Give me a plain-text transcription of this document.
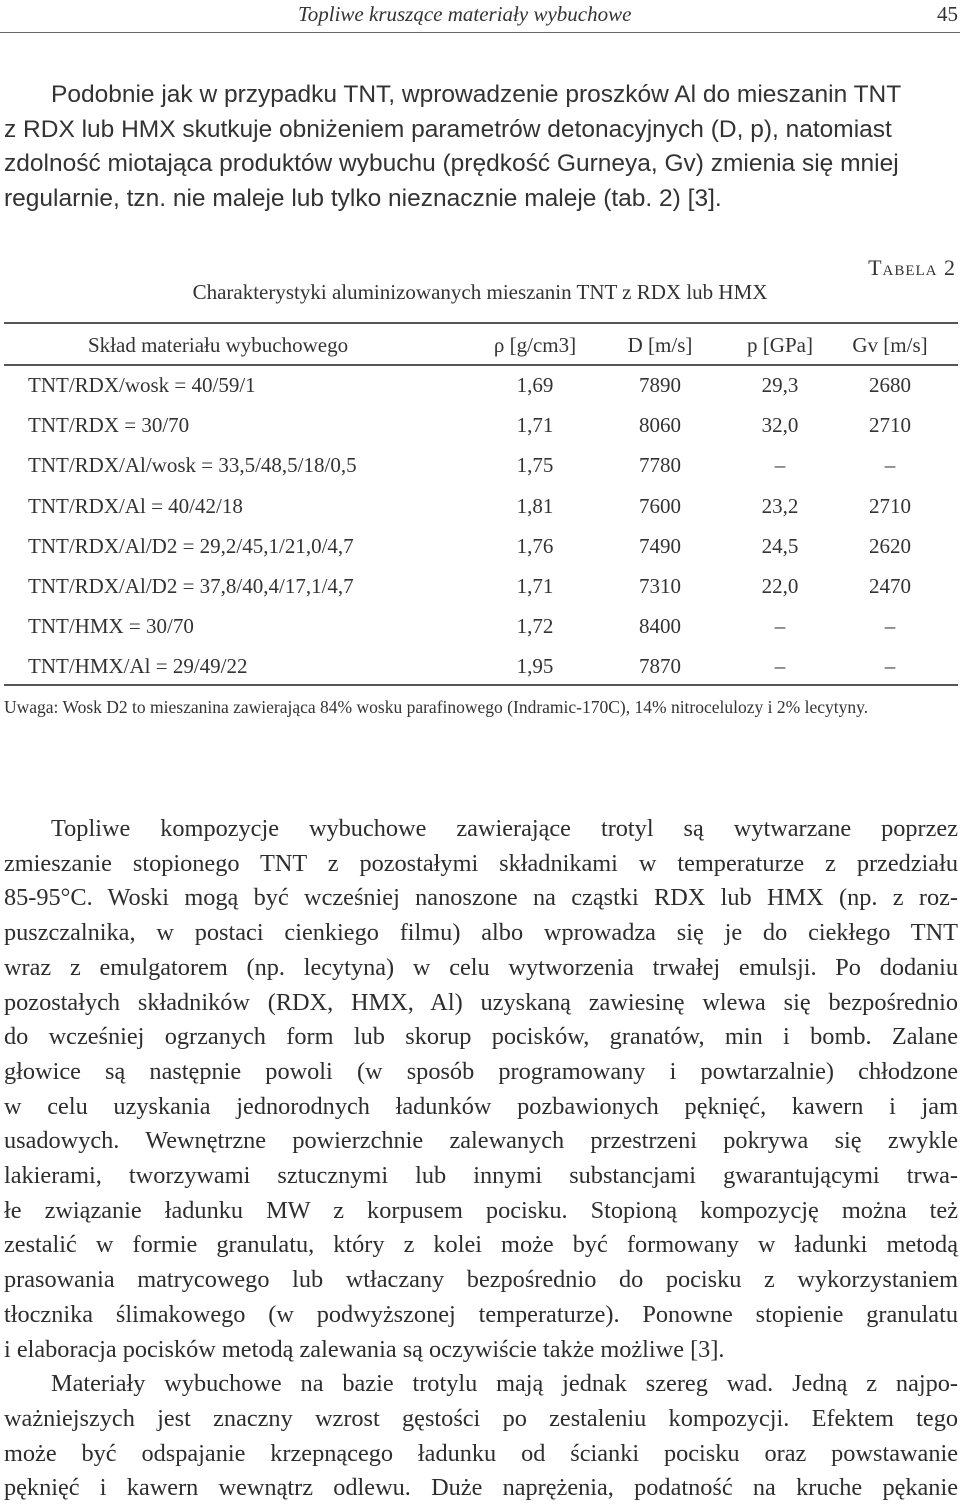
Topliwe kruszące materiały wybuchowe	45
Podobnie jak w przypadku TNT, wprowadzenie proszków Al do mieszanin TNT
z RDX lub HMX skutkuje obniżeniem parametrów detonacyjnych (D, p), natomiast
zdolność miotająca produktów wybuchu (prędkość Gurneya, Gv) zmienia się mniej
regularnie, tzn. nie maleje lub tylko nieznacznie maleje (tab. 2) [3].
Tabela 2
Charakterystyki aluminizowanych mieszanin TNT z RDX lub HMX
Skład materiału wybuchowego	ρ [g/cm3]	D [m/s]	p [GPa]	Gv [m/s]
TNT/RDX/wosk = 40/59/1	1,69	7890	29,3	2680
TNT/RDX = 30/70	1,71	8060	32,0	2710
TNT/RDX/Al/wosk = 33,5/48,5/18/0,5	1,75	7780	–	–
TNT/RDX/Al = 40/42/18	1,81	7600	23,2	2710
TNT/RDX/Al/D2 = 29,2/45,1/21,0/4,7	1,76	7490	24,5	2620
TNT/RDX/Al/D2 = 37,8/40,4/17,1/4,7	1,71	7310	22,0	2470
TNT/HMX = 30/70	1,72	8400	–	–
TNT/HMX/Al = 29/49/22	1,95	7870	–	–
Uwaga: Wosk D2 to mieszanina zawierająca 84% wosku parafinowego (Indramic-170C), 14% nitrocelulozy i 2% lecytyny.
Topliwe kompozycje wybuchowe zawierające trotyl są wytwarzane poprzez
zmieszanie stopionego TNT z pozostałymi składnikami w temperaturze z przedziału
85-95°C. Woski mogą być wcześniej nanoszone na cząstki RDX lub HMX (np. z roz-
puszczalnika, w postaci cienkiego filmu) albo wprowadza się je do ciekłego TNT
wraz z emulgatorem (np. lecytyna) w celu wytworzenia trwałej emulsji. Po dodaniu
pozostałych składników (RDX, HMX, Al) uzyskaną zawiesinę wlewa się bezpośrednio
do wcześniej ogrzanych form lub skorup pocisków, granatów, min i bomb. Zalane
głowice są następnie powoli (w sposób programowany i powtarzalnie) chłodzone
w celu uzyskania jednorodnych ładunków pozbawionych pęknięć, kawern i jam
usadowych. Wewnętrzne powierzchnie zalewanych przestrzeni pokrywa się zwykle
lakierami, tworzywami sztucznymi lub innymi substancjami gwarantującymi trwa-
łe związanie ładunku MW z korpusem pocisku. Stopioną kompozycję można też
zestalić w formie granulatu, który z kolei może być formowany w ładunki metodą
prasowania matrycowego lub wtłaczany bezpośrednio do pocisku z wykorzystaniem
tłocznika ślimakowego (w podwyższonej temperaturze). Ponowne stopienie granulatu
i elaboracja pocisków metodą zalewania są oczywiście także możliwe [3].
Materiały wybuchowe na bazie trotylu mają jednak szereg wad. Jedną z najpo-
ważniejszych jest znaczny wzrost gęstości po zestaleniu kompozycji. Efektem tego
może być odspajanie krzepnącego ładunku od ścianki pocisku oraz powstawanie
pęknięć i kawern wewnątrz odlewu. Duże naprężenia, podatność na kruche pękanie
